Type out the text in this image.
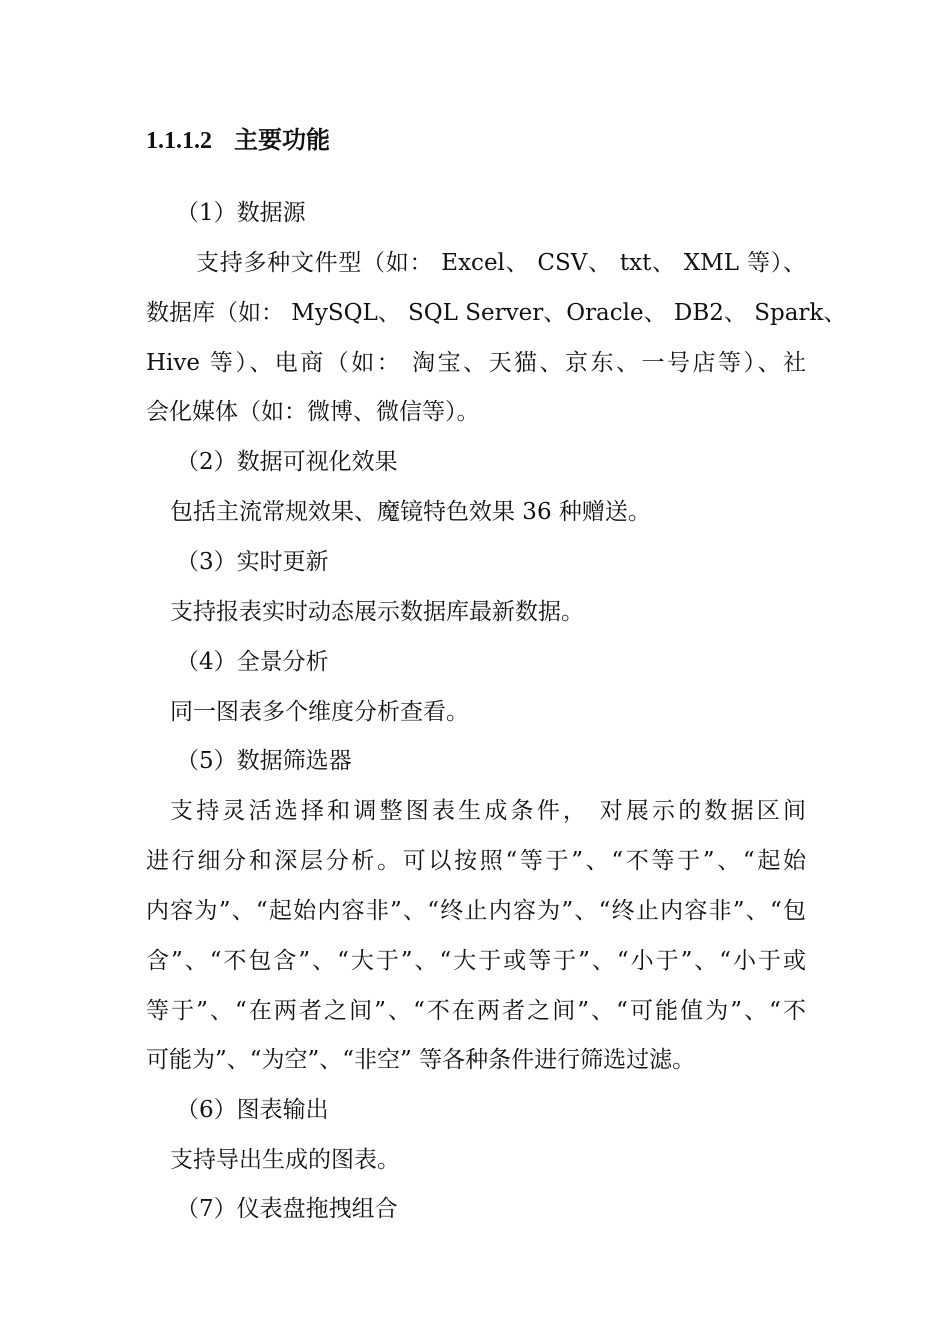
1.1.1.2 主要功能
（1）数据源
支持多种文件型（如： Excel、 CSV、 txt、 XML 等）、
数据库（如： MySQL、 SQL Server、Oracle、 DB2、 Spark、
Hive 等）、电商（如： 淘宝、天猫、京东、一号店等）、社
会化媒体（如：微博、微信等）。
（2）数据可视化效果
包括主流常规效果、魔镜特色效果 36 种赠送。
（3）实时更新
支持报表实时动态展示数据库最新数据。
（4）全景分析
同一图表多个维度分析查看。
（5）数据筛选器
支持灵活选择和调整图表生成条件， 对展示的数据区间
进行细分和深层分析。可以按照“等于”、“不等于”、“起始
内容为”、“起始内容非”、“终止内容为”、“终止内容非”、“包
含”、“不包含”、“大于”、“大于或等于”、“小于”、“小于或
等于”、“在两者之间”、“不在两者之间”、“可能值为”、“不
可能为”、“为空”、“非空” 等各种条件进行筛选过滤。
（6）图表输出
支持导出生成的图表。
（7）仪表盘拖拽组合
